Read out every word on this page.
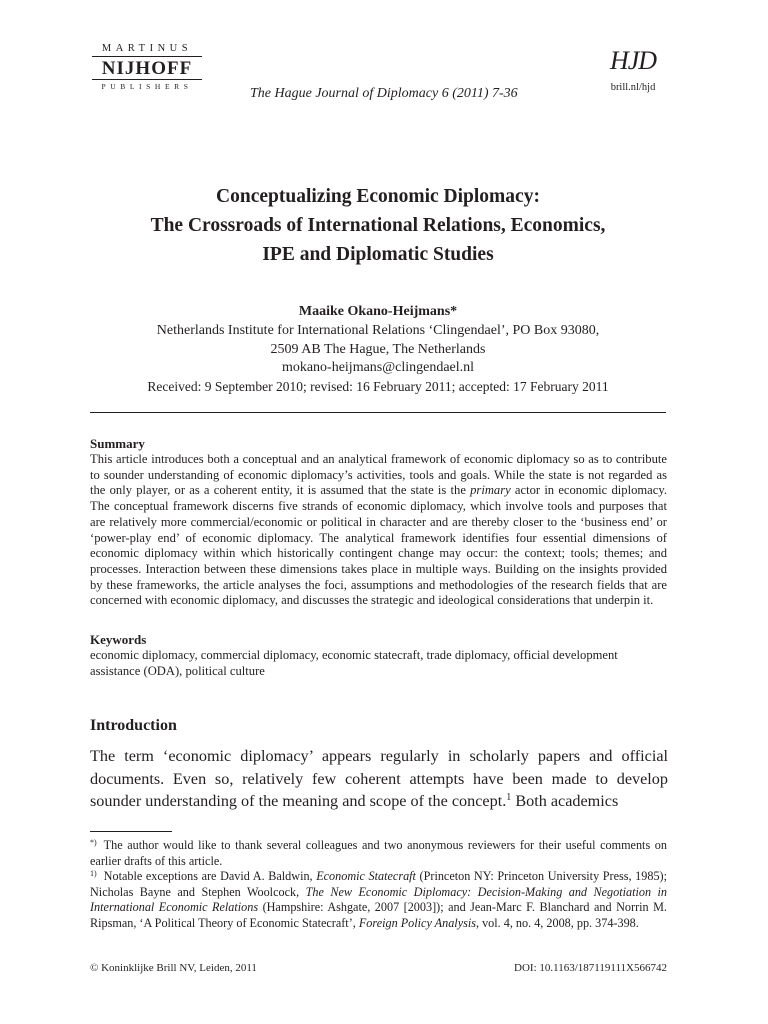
MARTINUS
NIJHOFF
PUBLISHERS	The Hague Journal of Diplomacy 6 (2011) 7-36
HJD
brill.nl/hjd
Conceptualizing Economic Diplomacy:
The Crossroads of International Relations, Economics,
IPE and Diplomatic Studies
Maaike Okano-Heijmans*
Netherlands Institute for International Relations ‘Clingendael’, PO Box 93080,
2509 AB The Hague, The Netherlands
mokano-heijmans@clingendael.nl
Received: 9 September 2010; revised: 16 February 2011; accepted: 17 February 2011
Summary
This article introduces both a conceptual and an analytical framework of economic diplomacy so as to contribute to sounder understanding of economic diplomacy’s activities, tools and goals. While the state is not regarded as the only player, or as a coherent entity, it is assumed that the state is the primary actor in economic diplomacy. The conceptual framework discerns five strands of economic diplomacy, which involve tools and purposes that are relatively more commercial/economic or political in character and are thereby closer to the ‘business end’ or ‘power-play end’ of economic diplomacy. The analytical framework identifies four essential dimensions of economic diplomacy within which historically contingent change may occur: the context; tools; themes; and processes. Interaction between these dimensions takes place in multiple ways. Building on the insights provided by these frameworks, the article analyses the foci, assumptions and methodologies of the research fields that are concerned with economic diplomacy, and discusses the strategic and ideological considerations that underpin it.
Keywords
economic diplomacy, commercial diplomacy, economic statecraft, trade diplomacy, official development assistance (ODA), political culture
Introduction
The term ‘economic diplomacy’ appears regularly in scholarly papers and official documents. Even so, relatively few coherent attempts have been made to develop sounder understanding of the meaning and scope of the concept.$^1$ Both academics
*) The author would like to thank several colleagues and two anonymous reviewers for their useful comments on earlier drafts of this article.
$^{1)}$ Notable exceptions are David A. Baldwin, Economic Statecraft (Princeton NY: Princeton University Press, 1985); Nicholas Bayne and Stephen Woolcock, The New Economic Diplomacy: Decision-Making and Negotiation in International Economic Relations (Hampshire: Ashgate, 2007 [2003]); and Jean-Marc F. Blanchard and Norrin M. Ripsman, ‘A Political Theory of Economic Statecraft’, Foreign Policy Analysis, vol. 4, no. 4, 2008, pp. 374-398.
© Koninklijke Brill NV, Leiden, 2011	DOI: 10.1163/187119111X566742
